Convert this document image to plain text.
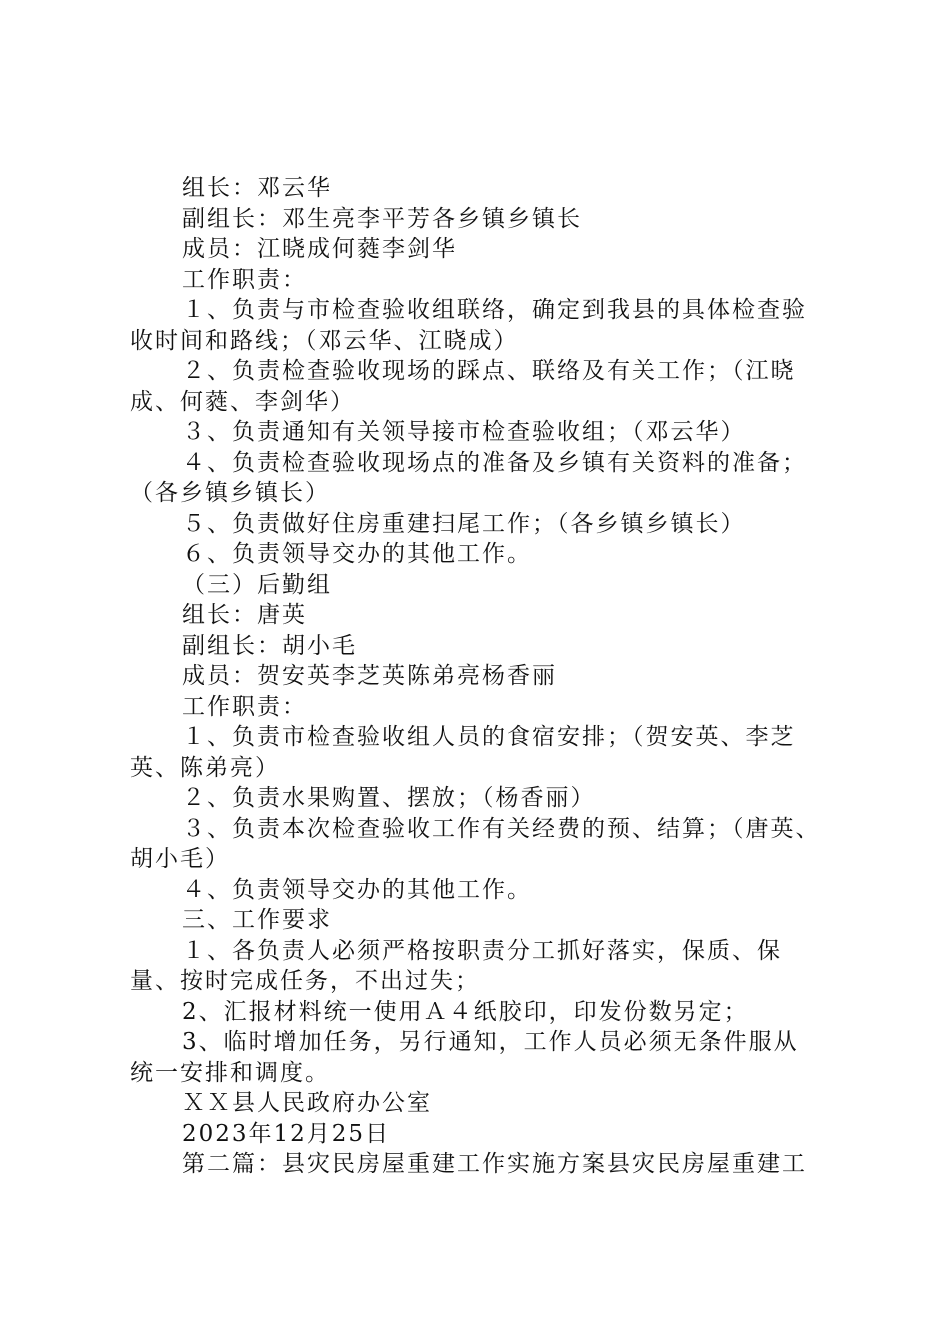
组长：邓云华

副组长：邓生亮李平芳各乡镇乡镇长

成员：江晓成何蕤李剑华

工作职责：

１、负责与市检查验收组联络，确定到我县的具体检查验收时间和路线；（邓云华、江晓成）

２、负责检查验收现场的踩点、联络及有关工作；（江晓成、何蕤、李剑华）

３、负责通知有关领导接市检查验收组；（邓云华）

４、负责检查验收现场点的准备及乡镇有关资料的准备；（各乡镇乡镇长）

５、负责做好住房重建扫尾工作；（各乡镇乡镇长）

６、负责领导交办的其他工作。

（三）后勤组

组长：唐英

副组长：胡小毛

成员：贺安英李芝英陈弟亮杨香丽

工作职责：

１、负责市检查验收组人员的食宿安排；（贺安英、李芝英、陈弟亮）

２、负责水果购置、摆放；（杨香丽）

３、负责本次检查验收工作有关经费的预、结算；（唐英、胡小毛）

４、负责领导交办的其他工作。

三、工作要求

１、各负责人必须严格按职责分工抓好落实，保质、保量、按时完成任务，不出过失；

2、汇报材料统一使用Ａ４纸胶印，印发份数另定；

3、临时增加任务，另行通知，工作人员必须无条件服从统一安排和调度。

ＸＸ县人民政府办公室

2023年12月25日

第二篇：县灾民房屋重建工作实施方案县灾民房屋重建工
